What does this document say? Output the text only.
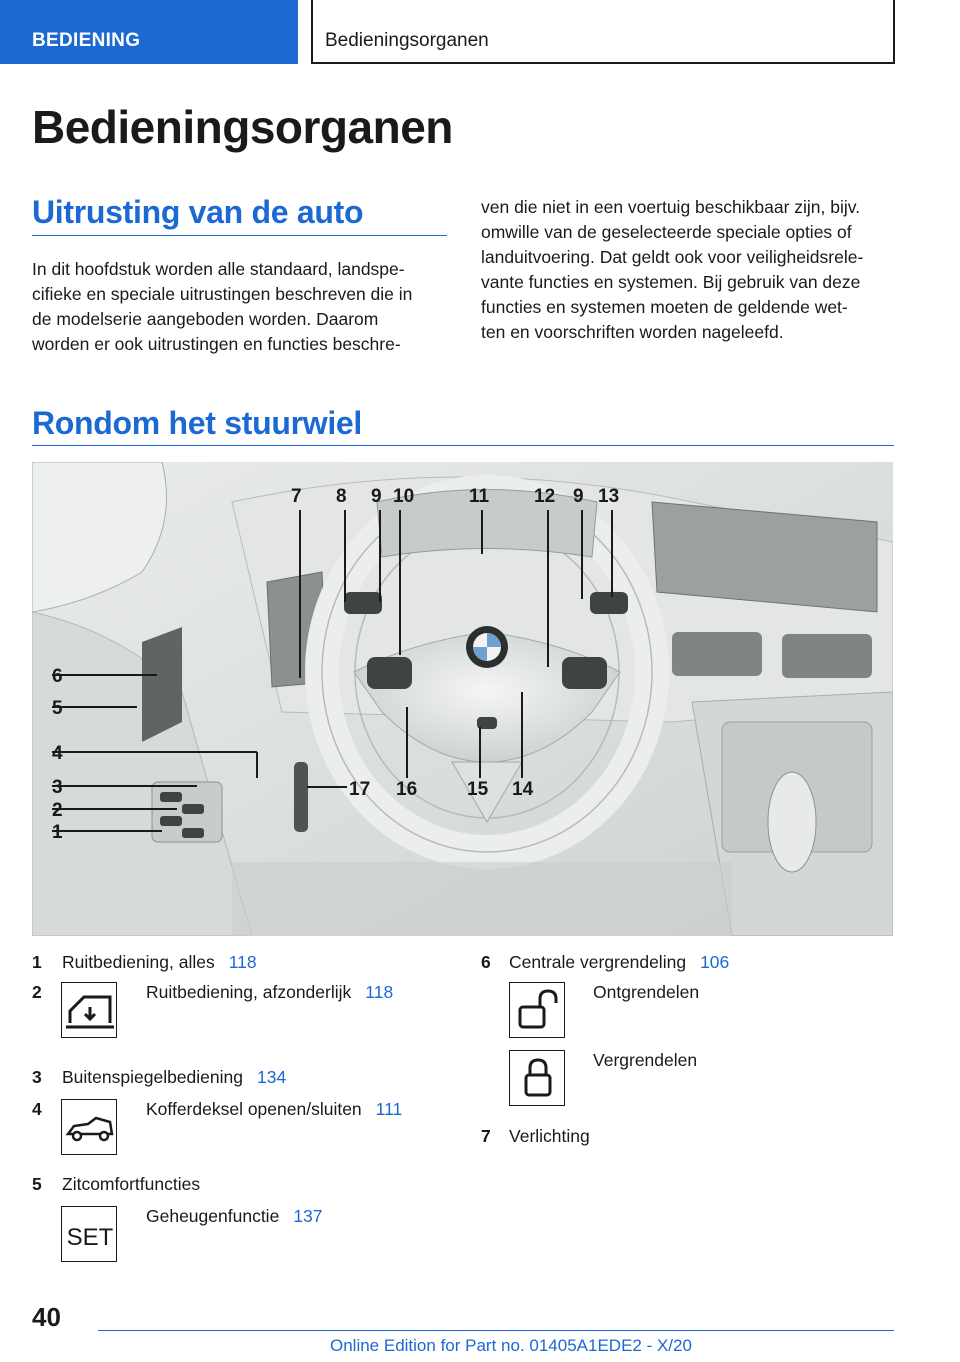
BEDIENING	Bedieningsorganen
Bedieningsorganen
Uitrusting van de auto
In dit hoofdstuk worden alle standaard, landspe-
cifieke en speciale uitrustingen beschreven die in
de modelserie aangeboden worden. Daarom
worden er ook uitrustingen en functies beschre-
ven die niet in een voertuig beschikbaar zijn, bijv.
omwille van de geselecteerde speciale opties of
landuitvoering. Dat geldt ook voor veiligheidsrele-
vante functies en systemen. Bij gebruik van deze
functies en systemen moeten de geldende wet-
ten en voorschriften worden nageleefd.
Rondom het stuurwiel
6
5
4
3
2
1
7 8 9 10	11 12 9 13
14
15
16
17
1 Ruitbediening, alles 118
2	Ruitbediening, afzonderlijk 118
3 Buitenspiegelbediening 134
4	Kofferdeksel openen/sluiten 111
5 Zitcomfortfuncties
SET
Geheugenfunctie 137
6 Centrale vergrendeling 106
Ontgrendelen
Vergrendelen
7 Verlichting
40
Online Edition for Part no. 01405A1EDE2 - X/20
